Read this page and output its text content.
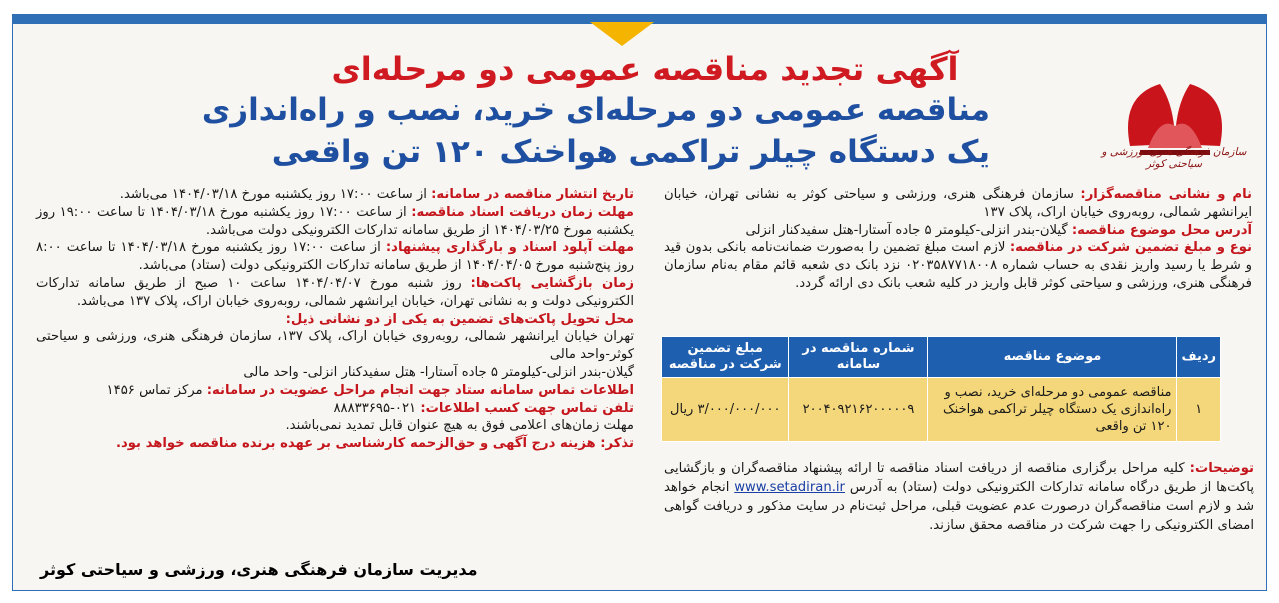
آگهی تجدید مناقصه عمومی دو مرحله‌ای
مناقصه عمومی دو مرحله‌ای خرید، نصب و راه‌اندازی
یک دستگاه چیلر تراکمی هواخنک ۱۲۰ تن واقعی	سازمان فرهنگی هنری، ورزشی و سیاحتی کوثر

نام و نشانی مناقصه‌گزار: سازمان فرهنگی هنری، ورزشی و سیاحتی کوثر به نشانی تهران، خیابان ایرانشهر شمالی، روبه‌روی خیابان اراک، پلاک ۱۳۷

آدرس محل موضوع مناقصه: گیلان-بندر انزلی-کیلومتر ۵ جاده آستارا-هتل سفیدکنار انزلی

نوع و مبلغ تضمین شرکت در مناقصه: لازم است مبلغ تضمین را به‌صورت ضمانت‌نامه بانکی بدون قید و شرط یا رسید واریز نقدی به حساب شماره ۰۲۰۳۵۸۷۷۱۸۰۰۸ نزد بانک دی شعبه قائم مقام به‌نام سازمان فرهنگی هنری، ورزشی و سیاحتی کوثر قابل واریز در کلیه شعب بانک دی ارائه گردد.

ردیف	موضوع مناقصه	شماره مناقصه در سامانه	مبلغ تضمین شرکت در مناقصه
۱	مناقصه عمومی دو مرحله‌ای خرید، نصب و راه‌اندازی یک دستگاه چیلر تراکمی هواخنک ۱۲۰ تن واقعی	۲۰۰۴۰۹۲۱۶۲۰۰۰۰۰۹	۳/۰۰۰/۰۰۰/۰۰۰ ریال
توضیحات: کلیه مراحل برگزاری مناقصه از دریافت اسناد مناقصه تا ارائه پیشنهاد مناقصه‌گران و بازگشایی پاکت‌ها از طریق درگاه سامانه تدارکات الکترونیکی دولت (ستاد) به آدرس www.setadiran.ir انجام خواهد شد و لازم است مناقصه‌گران درصورت عدم عضویت قبلی، مراحل ثبت‌نام در سایت مذکور و دریافت گواهی امضای الکترونیکی را جهت شرکت در مناقصه محقق سازند.

تاریخ انتشار مناقصه در سامانه: از ساعت ۱۷:۰۰ روز یکشنبه مورخ ۱۴۰۴/۰۳/۱۸ می‌باشد.

مهلت زمان دریافت اسناد مناقصه: از ساعت ۱۷:۰۰ روز یکشنبه مورخ ۱۴۰۴/۰۳/۱۸ تا ساعت ۱۹:۰۰ روز یکشنبه مورخ ۱۴۰۴/۰۳/۲۵ از طریق سامانه تدارکات الکترونیکی دولت می‌باشد.

مهلت آپلود اسناد و بارگذاری پیشنهاد: از ساعت ۱۷:۰۰ روز یکشنبه مورخ ۱۴۰۴/۰۳/۱۸ تا ساعت ۸:۰۰ روز پنج‌شنبه مورخ ۱۴۰۴/۰۴/۰۵ از طریق سامانه تدارکات الکترونیکی دولت (ستاد) می‌باشد.

زمان بازگشایی پاکت‌ها: روز شنبه مورخ ۱۴۰۴/۰۴/۰۷ ساعت ۱۰ صبح از طریق سامانه تدارکات الکترونیکی دولت و به نشانی تهران، خیابان ایرانشهر شمالی، روبه‌روی خیابان اراک، پلاک ۱۳۷ می‌باشد.

محل تحویل پاکت‌های تضمین به یکی از دو نشانی ذیل:

تهران خیابان ایرانشهر شمالی، روبه‌روی خیابان اراک، پلاک ۱۳۷، سازمان فرهنگی هنری، ورزشی و سیاحتی کوثر-واحد مالی

گیلان-بندر انزلی-کیلومتر ۵ جاده آستارا- هتل سفیدکنار انزلی- واحد مالی

اطلاعات تماس سامانه ستاد جهت انجام مراحل عضویت در سامانه: مرکز تماس ۱۴۵۶

تلفن تماس جهت کسب اطلاعات: ۰۲۱-۸۸۸۳۳۶۹۵

مهلت زمان‌های اعلامی فوق به هیچ عنوان قابل تمدید نمی‌باشند.

تذکر: هزینه درج آگهی و حق‌الزحمه کارشناسی بر عهده برنده مناقصه خواهد بود.

مدیریت سازمان فرهنگی هنری، ورزشی و سیاحتی کوثر
